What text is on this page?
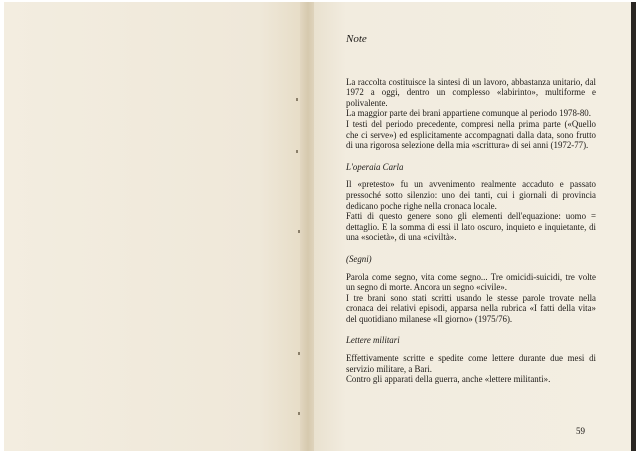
Note

La raccolta costituisce la sintesi di un lavoro, abbastanza unitario, dal 1972 a oggi, dentro un complesso «labirinto», multiforme e polivalente.

La maggior parte dei brani appartiene comunque al periodo 1978-80.

I testi del periodo precedente, compresi nella prima parte («Quello che ci serve») ed esplicitamente accompagnati dalla data, sono frutto di una rigorosa selezione della mia «scrittura» di sei anni (1972-77).

L'operaia Carla

Il «pretesto» fu un avvenimento realmente accaduto e passato pressoché sotto silenzio: uno dei tanti, cui i giornali di provincia dedicano poche righe nella cronaca locale.

Fatti di questo genere sono gli elementi dell'equazione: uomo = dettaglio. E la somma di essi il lato oscuro, inquieto e inquietante, di una «società», di una «civiltà».

(Segni)

Parola come segno, vita come segno... Tre omicidi-suicidi, tre volte un segno di morte. Ancora un segno «civile».

I tre brani sono stati scritti usando le stesse parole trovate nella cronaca dei relativi episodi, apparsa nella rubrica «I fatti della vita» del quotidiano milanese «Il giorno» (1975/76).

Lettere militari

Effettivamente scritte e spedite come lettere durante due mesi di servizio militare, a Bari.

Contro gli apparati della guerra, anche «lettere militanti».

59
